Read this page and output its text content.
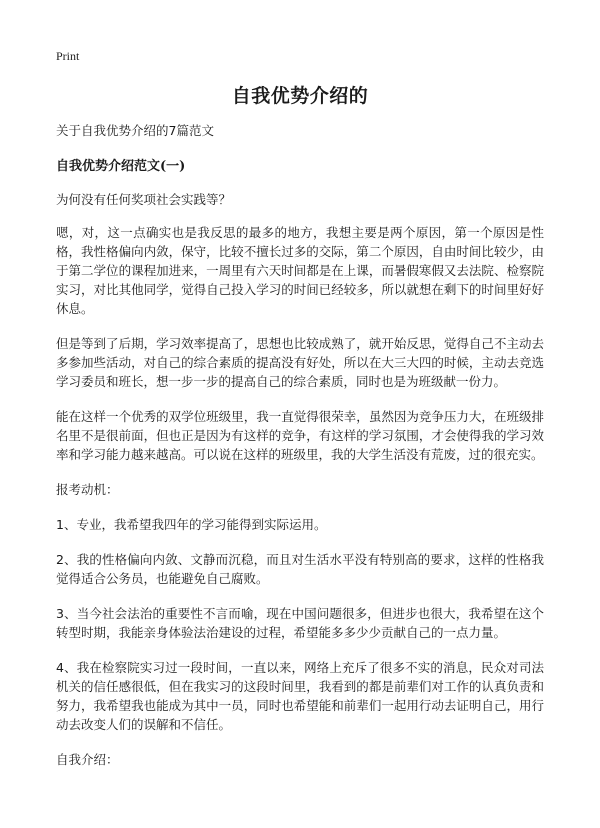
Print
自我优势介绍的

关于自我优势介绍的7篇范文

自我优势介绍范文(一)

为何没有任何奖项社会实践等？

嗯，对，这一点确实也是我反思的最多的地方，我想主要是两个原因，第一个原因是性格，我性格偏向内敛，保守，比较不擅长过多的交际，第二个原因，自由时间比较少，由于第二学位的课程加进来，一周里有六天时间都是在上课，而暑假寒假又去法院、检察院实习，对比其他同学，觉得自己投入学习的时间已经较多，所以就想在剩下的时间里好好休息。

但是等到了后期，学习效率提高了，思想也比较成熟了，就开始反思，觉得自己不主动去多参加些活动，对自己的综合素质的提高没有好处，所以在大三大四的时候，主动去竞选学习委员和班长，想一步一步的提高自己的综合素质，同时也是为班级献一份力。

能在这样一个优秀的双学位班级里，我一直觉得很荣幸，虽然因为竞争压力大，在班级排名里不是很前面，但也正是因为有这样的竞争，有这样的学习氛围，才会使得我的学习效率和学习能力越来越高。可以说在这样的班级里，我的大学生活没有荒废，过的很充实。

报考动机：

1、专业，我希望我四年的学习能得到实际运用。

2、我的性格偏向内敛、文静而沉稳，而且对生活水平没有特别高的要求，这样的性格我觉得适合公务员，也能避免自己腐败。

3、当今社会法治的重要性不言而喻，现在中国问题很多，但进步也很大，我希望在这个转型时期，我能亲身体验法治建设的过程，希望能多多少少贡献自己的一点力量。

4、我在检察院实习过一段时间，一直以来，网络上充斥了很多不实的消息，民众对司法机关的信任感很低，但在我实习的这段时间里，我看到的都是前辈们对工作的认真负责和努力，我希望我也能成为其中一员，同时也希望能和前辈们一起用行动去证明自己，用行动去改变人们的误解和不信任。

自我介绍：
